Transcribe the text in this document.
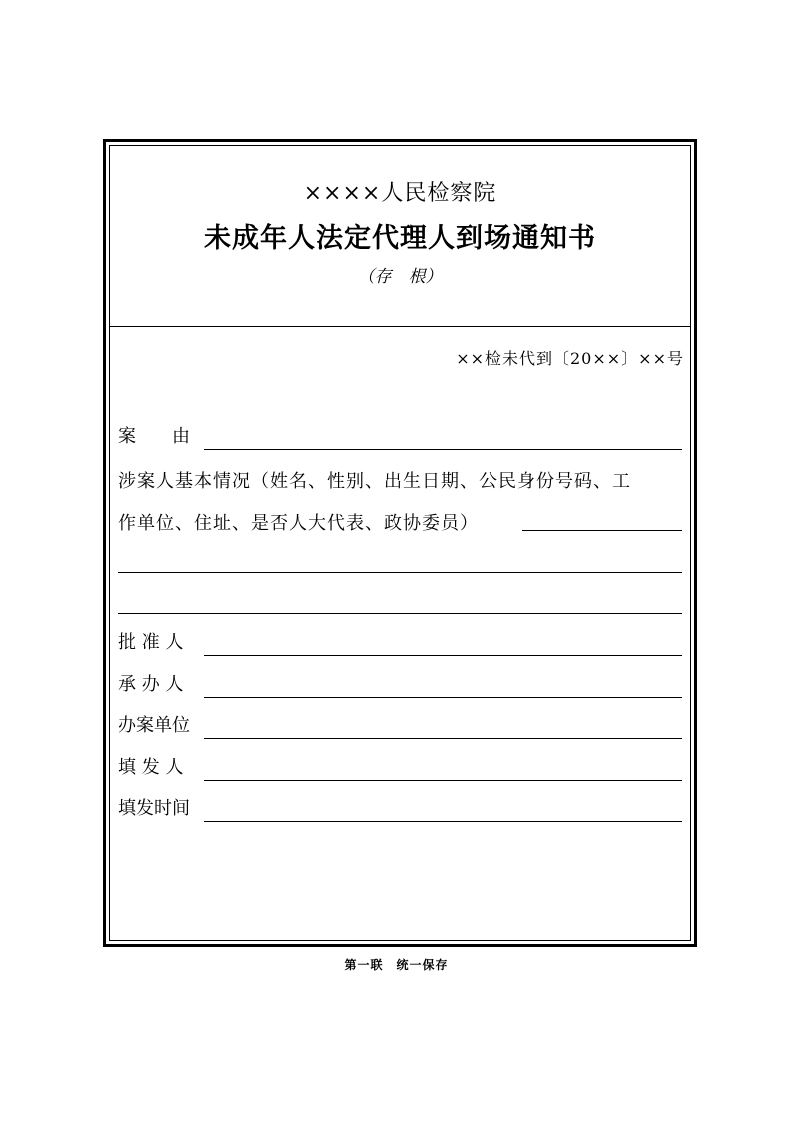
××××人民检察院
未成年人法定代理人到场通知书
（存　根）
××检未代到〔20××〕××号
案　　由
涉案人基本情况（姓名、性别、出生日期、公民身份号码、工
作单位、住址、是否人大代表、政协委员）
批 准 人
承 办 人
办案单位
填 发 人
填发时间
第一联　统一保存
